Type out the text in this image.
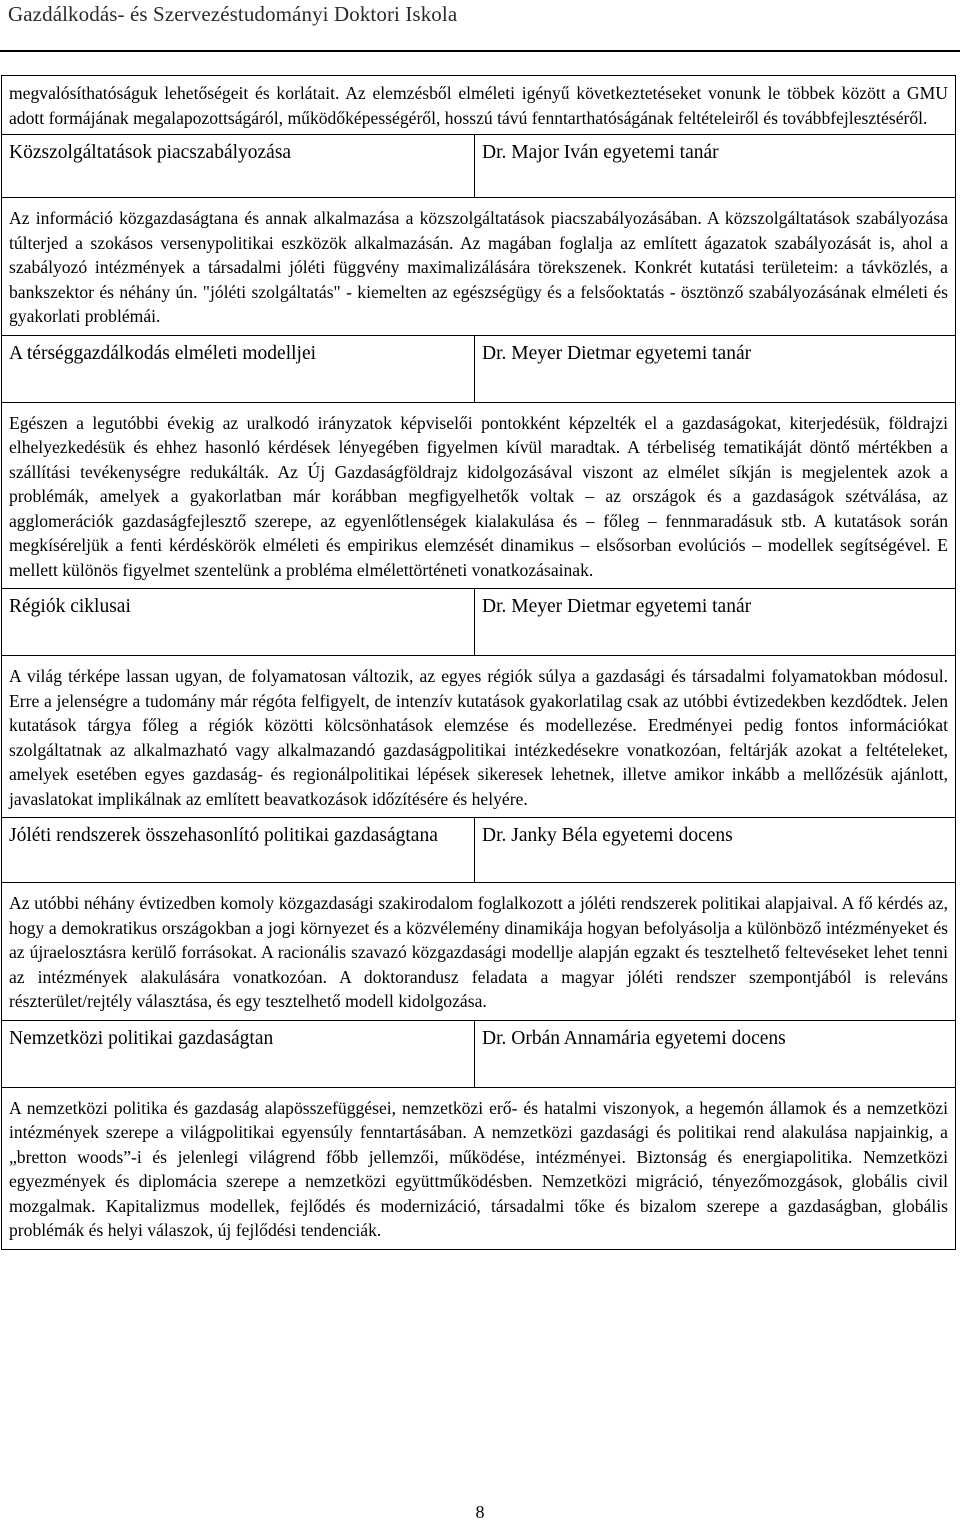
Gazdálkodás- és Szervezéstudományi Doktori Iskola
megvalósíthatóságuk lehetőségeit és korlátait. Az elemzésből elméleti igényű következtetéseket vonunk le többek között a GMU adott formájának megalapozottságáról, működőképességéről, hosszú távú fenntarthatóságának feltételeiről és továbbfejlesztéséről.	
Közszolgáltatások piacszabályozása	Dr. Major Iván egyetemi tanár
Az információ közgazdaságtana és annak alkalmazása a közszolgáltatások piacszabályozásában. A közszolgáltatások szabályozása túlterjed a szokásos versenypolitikai eszközök alkalmazásán. Az magában foglalja az említett ágazatok szabályozását is, ahol a szabályozó intézmények a társadalmi jóléti függvény maximalizálására törekszenek. Konkrét kutatási területeim: a távközlés, a bankszektor és néhány ún. "jóléti szolgáltatás" - kiemelten az egészségügy és a felsőoktatás - ösztönző szabályozásának elméleti és gyakorlati problémái.	
A térséggazdálkodás elméleti modelljei	Dr. Meyer Dietmar egyetemi tanár
Egészen a legutóbbi évekig az uralkodó irányzatok képviselői pontokként képzelték el a gazdaságokat, kiterjedésük, földrajzi elhelyezkedésük és ehhez hasonló kérdések lényegében figyelmen kívül maradtak. A térbeliség tematikáját döntő mértékben a szállítási tevékenységre redukálták. Az Új Gazdaságföldrajz kidolgozásával viszont az elmélet síkján is megjelentek azok a problémák, amelyek a gyakorlatban már korábban megfigyelhetők voltak – az országok és a gazdaságok szétválása, az agglomerációk gazdaságfejlesztő szerepe, az egyenlőtlenségek kialakulása és – főleg – fennmaradásuk stb. A kutatások során megkíséreljük a fenti kérdéskörök elméleti és empirikus elemzését dinamikus – elsősorban evolúciós – modellek segítségével. E mellett különös figyelmet szentelünk a probléma elmélettörténeti vonatkozásainak.	
Régiók ciklusai	Dr. Meyer Dietmar egyetemi tanár
A világ térképe lassan ugyan, de folyamatosan változik, az egyes régiók súlya a gazdasági és társadalmi folyamatokban módosul. Erre a jelenségre a tudomány már régóta felfigyelt, de intenzív kutatások gyakorlatilag csak az utóbbi évtizedekben kezdődtek. Jelen kutatások tárgya főleg a régiók közötti kölcsönhatások elemzése és modellezése. Eredményei pedig fontos információkat szolgáltatnak az alkalmazható vagy alkalmazandó gazdaságpolitikai intézkedésekre vonatkozóan, feltárják azokat a feltételeket, amelyek esetében egyes gazdaság- és regionálpolitikai lépések sikeresek lehetnek, illetve amikor inkább a mellőzésük ajánlott, javaslatokat implikálnak az említett beavatkozások időzítésére és helyére.	
Jóléti rendszerek összehasonlító politikai gazdaságtana	Dr. Janky Béla egyetemi docens
Az utóbbi néhány évtizedben komoly közgazdasági szakirodalom foglalkozott a jóléti rendszerek politikai alapjaival. A fő kérdés az, hogy a demokratikus országokban a jogi környezet és a közvélemény dinamikája hogyan befolyásolja a különböző intézményeket és az újraelosztásra kerülő forrásokat. A racionális szavazó közgazdasági modellje alapján egzakt és tesztelhető feltevéseket lehet tenni az intézmények alakulására vonatkozóan. A doktorandusz feladata a magyar jóléti rendszer szempontjából is releváns részterület/rejtély választása, és egy tesztelhető modell kidolgozása.	
Nemzetközi politikai gazdaságtan	Dr. Orbán Annamária egyetemi docens
A nemzetközi politika és gazdaság alapösszefüggései, nemzetközi erő- és hatalmi viszonyok, a hegemón államok és a nemzetközi intézmények szerepe a világpolitikai egyensúly fenntartásában. A nemzetközi gazdasági és politikai rend alakulása napjainkig, a „bretton woods”-i és jelenlegi világrend főbb jellemzői, működése, intézményei. Biztonság és energiapolitika. Nemzetközi egyezmények és diplomácia szerepe a nemzetközi együttműködésben. Nemzetközi migráció, tényezőmozgások, globális civil mozgalmak. Kapitalizmus modellek, fejlődés és modernizáció, társadalmi tőke és bizalom szerepe a gazdaságban, globális problémák és helyi válaszok, új fejlődési tendenciák.	
8
